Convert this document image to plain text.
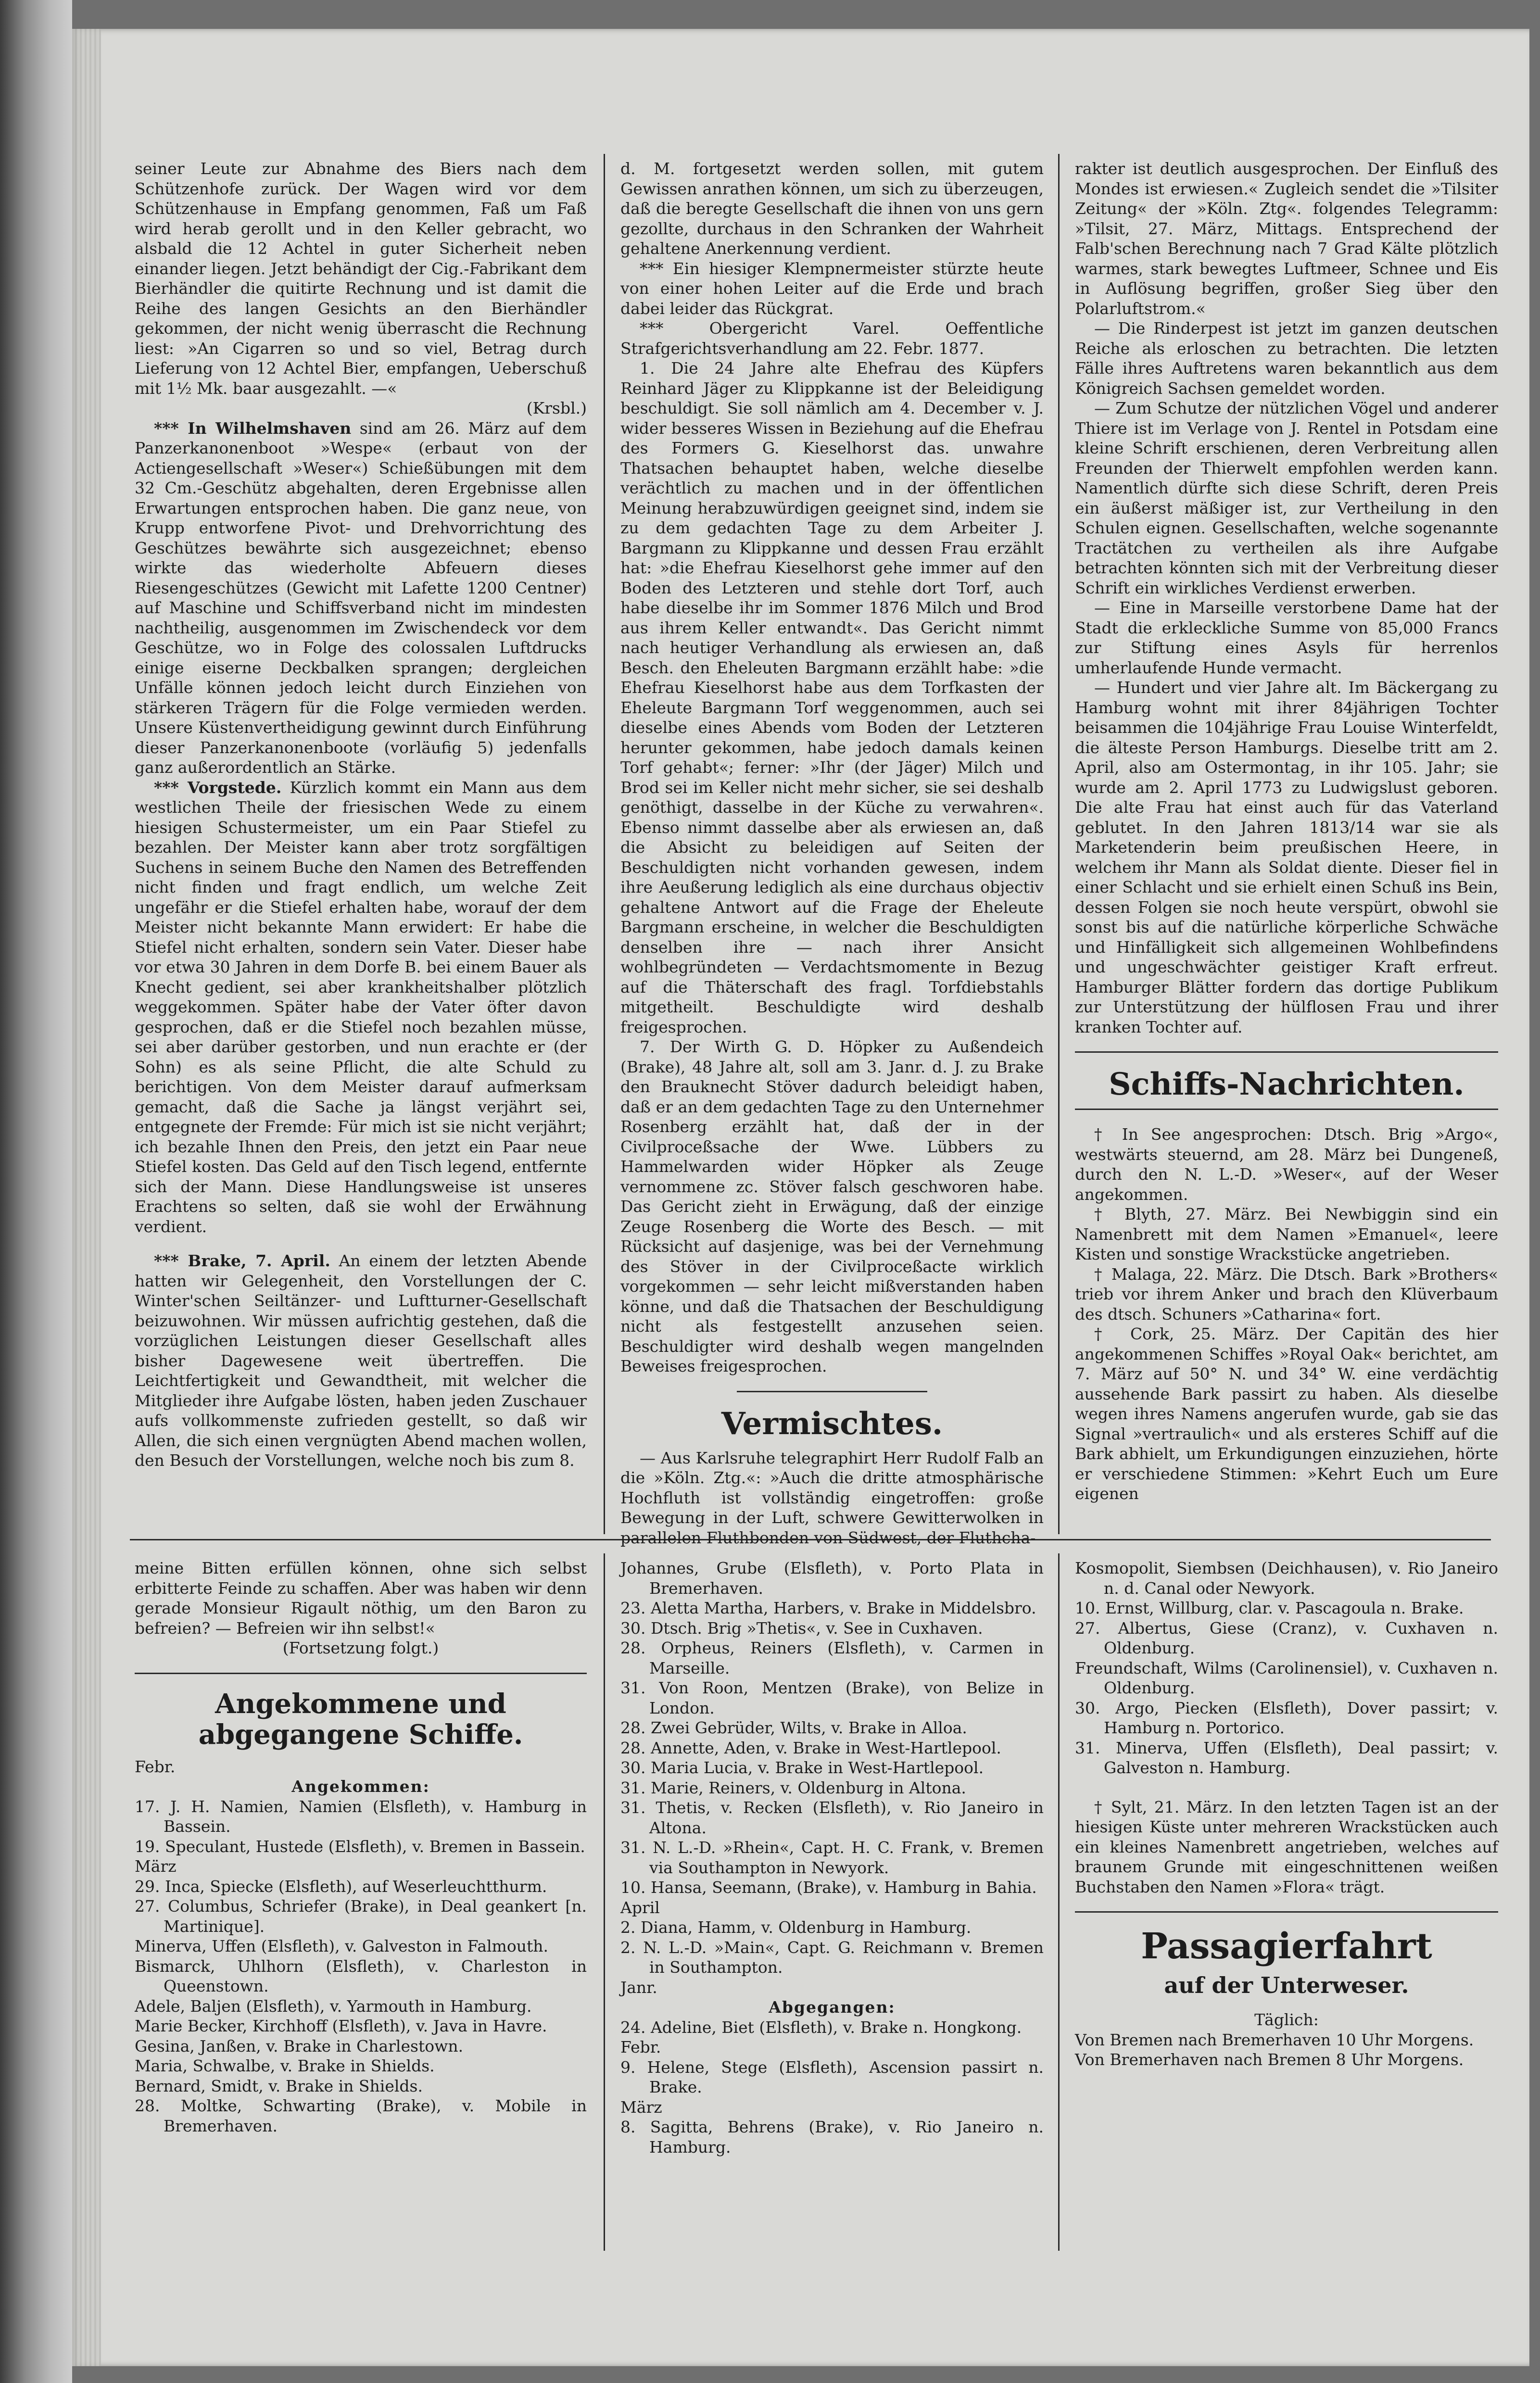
seiner Leute zur Abnahme des Biers nach dem Schützenhofe zurück. Der Wagen wird vor dem Schützenhause in Empfang genommen, Faß um Faß wird herab gerollt und in den Keller gebracht, wo alsbald die 12 Achtel in guter Sicherheit neben einander liegen. Jetzt behändigt der Cig.-Fabrikant dem Bierhändler die quitirte Rechnung und ist damit die Reihe des langen Gesichts an den Bierhändler gekommen, der nicht wenig überrascht die Rechnung liest: »An Cigarren so und so viel, Betrag durch Lieferung von 12 Achtel Bier, empfangen, Ueberschuß mit 1½ Mk. baar ausgezahlt. —«

(Krsbl.)

*** In Wilhelmshaven sind am 26. März auf dem Panzerkanonenboot »Wespe« (erbaut von der Actiengesellschaft »Weser«) Schießübungen mit dem 32 Cm.-Geschütz abgehalten, deren Ergebnisse allen Erwartungen entsprochen haben. Die ganz neue, von Krupp entworfene Pivot- und Drehvorrichtung des Geschützes bewährte sich ausgezeichnet; ebenso wirkte das wiederholte Abfeuern dieses Riesengeschützes (Gewicht mit Lafette 1200 Centner) auf Maschine und Schiffsverband nicht im mindesten nachtheilig, ausgenommen im Zwischendeck vor dem Geschütze, wo in Folge des colossalen Luftdrucks einige eiserne Deckbalken sprangen; dergleichen Unfälle können jedoch leicht durch Einziehen von stärkeren Trägern für die Folge vermieden werden. Unsere Küstenvertheidigung gewinnt durch Einführung dieser Panzerkanonenboote (vorläufig 5) jedenfalls ganz außerordentlich an Stärke.

*** Vorgstede. Kürzlich kommt ein Mann aus dem westlichen Theile der friesischen Wede zu einem hiesigen Schustermeister, um ein Paar Stiefel zu bezahlen. Der Meister kann aber trotz sorgfältigen Suchens in seinem Buche den Namen des Betreffenden nicht finden und fragt endlich, um welche Zeit ungefähr er die Stiefel erhalten habe, worauf der dem Meister nicht bekannte Mann erwidert: Er habe die Stiefel nicht erhalten, sondern sein Vater. Dieser habe vor etwa 30 Jahren in dem Dorfe B. bei einem Bauer als Knecht gedient, sei aber krankheitshalber plötzlich weggekommen. Später habe der Vater öfter davon gesprochen, daß er die Stiefel noch bezahlen müsse, sei aber darüber gestorben, und nun erachte er (der Sohn) es als seine Pflicht, die alte Schuld zu berichtigen. Von dem Meister darauf aufmerksam gemacht, daß die Sache ja längst verjährt sei, entgegnete der Fremde: Für mich ist sie nicht verjährt; ich bezahle Ihnen den Preis, den jetzt ein Paar neue Stiefel kosten. Das Geld auf den Tisch legend, entfernte sich der Mann. Diese Handlungsweise ist unseres Erachtens so selten, daß sie wohl der Erwähnung verdient.

*** Brake, 7. April. An einem der letzten Abende hatten wir Gelegenheit, den Vorstellungen der C. Winter'schen Seiltänzer- und Luftturner-Gesellschaft beizuwohnen. Wir müssen aufrichtig gestehen, daß die vorzüglichen Leistungen dieser Gesellschaft alles bisher Dagewesene weit übertreffen. Die Leichtfertigkeit und Gewandtheit, mit welcher die Mitglieder ihre Aufgabe lösten, haben jeden Zuschauer aufs vollkommenste zufrieden gestellt, so daß wir Allen, die sich einen vergnügten Abend machen wollen, den Besuch der Vorstellungen, welche noch bis zum 8.

d. M. fortgesetzt werden sollen, mit gutem Gewissen anrathen können, um sich zu überzeugen, daß die beregte Gesellschaft die ihnen von uns gern gezollte, durchaus in den Schranken der Wahrheit gehaltene Anerkennung verdient.

*** Ein hiesiger Klempnermeister stürzte heute von einer hohen Leiter auf die Erde und brach dabei leider das Rückgrat.

*** Obergericht Varel. Oeffentliche Strafgerichtsverhandlung am 22. Febr. 1877.

1. Die 24 Jahre alte Ehefrau des Küpfers Reinhard Jäger zu Klippkanne ist der Beleidigung beschuldigt. Sie soll nämlich am 4. December v. J. wider besseres Wissen in Beziehung auf die Ehefrau des Formers G. Kieselhorst das. unwahre Thatsachen behauptet haben, welche dieselbe verächtlich zu machen und in der öffentlichen Meinung herabzuwürdigen geeignet sind, indem sie zu dem gedachten Tage zu dem Arbeiter J. Bargmann zu Klippkanne und dessen Frau erzählt hat: »die Ehefrau Kieselhorst gehe immer auf den Boden des Letzteren und stehle dort Torf, auch habe dieselbe ihr im Sommer 1876 Milch und Brod aus ihrem Keller entwandt«. Das Gericht nimmt nach heutiger Verhandlung als erwiesen an, daß Besch. den Eheleuten Bargmann erzählt habe: »die Ehefrau Kieselhorst habe aus dem Torfkasten der Eheleute Bargmann Torf weggenommen, auch sei dieselbe eines Abends vom Boden der Letzteren herunter gekommen, habe jedoch damals keinen Torf gehabt«; ferner: »Ihr (der Jäger) Milch und Brod sei im Keller nicht mehr sicher, sie sei deshalb genöthigt, dasselbe in der Küche zu verwahren«. Ebenso nimmt dasselbe aber als erwiesen an, daß die Absicht zu beleidigen auf Seiten der Beschuldigten nicht vorhanden gewesen, indem ihre Aeußerung lediglich als eine durchaus objectiv gehaltene Antwort auf die Frage der Eheleute Bargmann erscheine, in welcher die Beschuldigten denselben ihre — nach ihrer Ansicht wohlbegründeten — Verdachtsmomente in Bezug auf die Thäterschaft des fragl. Torfdiebstahls mitgetheilt. Beschuldigte wird deshalb freigesprochen.

7. Der Wirth G. D. Höpker zu Außendeich (Brake), 48 Jahre alt, soll am 3. Janr. d. J. zu Brake den Brauknecht Stöver dadurch beleidigt haben, daß er an dem gedachten Tage zu den Unternehmer Rosenberg erzählt hat, daß der in der Civilproceßsache der Wwe. Lübbers zu Hammelwarden wider Höpker als Zeuge vernommene zc. Stöver falsch geschworen habe. Das Gericht zieht in Erwägung, daß der einzige Zeuge Rosenberg die Worte des Besch. — mit Rücksicht auf dasjenige, was bei der Vernehmung des Stöver in der Civilproceßacte wirklich vorgekommen — sehr leicht mißverstanden haben könne, und daß die Thatsachen der Beschuldigung nicht als festgestellt anzusehen seien. Beschuldigter wird deshalb wegen mangelnden Beweises freigesprochen.

Vermischtes.

— Aus Karlsruhe telegraphirt Herr Rudolf Falb an die »Köln. Ztg.«: »Auch die dritte atmosphärische Hochfluth ist vollständig eingetroffen: große Bewegung in der Luft, schwere Gewitterwolken in parallelen Fluthbonden von Südwest, der Fluthcha-

rakter ist deutlich ausgesprochen. Der Einfluß des Mondes ist erwiesen.« Zugleich sendet die »Tilsiter Zeitung« der »Köln. Ztg«. folgendes Telegramm: »Tilsit, 27. März, Mittags. Entsprechend der Falb'schen Berechnung nach 7 Grad Kälte plötzlich warmes, stark bewegtes Luftmeer, Schnee und Eis in Auflösung begriffen, großer Sieg über den Polarluftstrom.«

— Die Rinderpest ist jetzt im ganzen deutschen Reiche als erloschen zu betrachten. Die letzten Fälle ihres Auftretens waren bekanntlich aus dem Königreich Sachsen gemeldet worden.

— Zum Schutze der nützlichen Vögel und anderer Thiere ist im Verlage von J. Rentel in Potsdam eine kleine Schrift erschienen, deren Verbreitung allen Freunden der Thierwelt empfohlen werden kann. Namentlich dürfte sich diese Schrift, deren Preis ein äußerst mäßiger ist, zur Vertheilung in den Schulen eignen. Gesellschaften, welche sogenannte Tractätchen zu vertheilen als ihre Aufgabe betrachten könnten sich mit der Verbreitung dieser Schrift ein wirkliches Verdienst erwerben.

— Eine in Marseille verstorbene Dame hat der Stadt die erkleckliche Summe von 85,000 Francs zur Stiftung eines Asyls für herrenlos umherlaufende Hunde vermacht.

— Hundert und vier Jahre alt. Im Bäckergang zu Hamburg wohnt mit ihrer 84jährigen Tochter beisammen die 104jährige Frau Louise Winterfeldt, die älteste Person Hamburgs. Dieselbe tritt am 2. April, also am Ostermontag, in ihr 105. Jahr; sie wurde am 2. April 1773 zu Ludwigslust geboren. Die alte Frau hat einst auch für das Vaterland geblutet. In den Jahren 1813/14 war sie als Marketenderin beim preußischen Heere, in welchem ihr Mann als Soldat diente. Dieser fiel in einer Schlacht und sie erhielt einen Schuß ins Bein, dessen Folgen sie noch heute verspürt, obwohl sie sonst bis auf die natürliche körperliche Schwäche und Hinfälligkeit sich allgemeinen Wohlbefindens und ungeschwächter geistiger Kraft erfreut. Hamburger Blätter fordern das dortige Publikum zur Unterstützung der hülflosen Frau und ihrer kranken Tochter auf.

Schiffs-Nachrichten.

† In See angesprochen: Dtsch. Brig »Argo«, westwärts steuernd, am 28. März bei Dungeneß, durch den N. L.-D. »Weser«, auf der Weser angekommen.

† Blyth, 27. März. Bei Newbiggin sind ein Namenbrett mit dem Namen »Emanuel«, leere Kisten und sonstige Wrackstücke angetrieben.

† Malaga, 22. März. Die Dtsch. Bark »Brothers« trieb vor ihrem Anker und brach den Klüverbaum des dtsch. Schuners »Catharina« fort.

† Cork, 25. März. Der Capitän des hier angekommenen Schiffes »Royal Oak« berichtet, am 7. März auf 50° N. und 34° W. eine verdächtig aussehende Bark passirt zu haben. Als dieselbe wegen ihres Namens angerufen wurde, gab sie das Signal »vertraulich« und als ersteres Schiff auf die Bark abhielt, um Erkundigungen einzuziehen, hörte er verschiedene Stimmen: »Kehrt Euch um Eure eigenen

meine Bitten erfüllen können, ohne sich selbst erbitterte Feinde zu schaffen. Aber was haben wir denn gerade Monsieur Rigault nöthig, um den Baron zu befreien? — Befreien wir ihn selbst!«

(Fortsetzung folgt.)

Angekommene und abgegangene Schiffe.
Febr.
Angekommen:
17. J. H. Namien, Namien (Elsfleth), v. Hamburg in Bassein.
19. Speculant, Hustede (Elsfleth), v. Bremen in Bassein.
März
29. Inca, Spiecke (Elsfleth), auf Weserleuchtthurm.
27. Columbus, Schriefer (Brake), in Deal geankert [n. Martinique].
Minerva, Uffen (Elsfleth), v. Galveston in Falmouth.
Bismarck, Uhlhorn (Elsfleth), v. Charleston in Queenstown.
Adele, Baljen (Elsfleth), v. Yarmouth in Hamburg.
Marie Becker, Kirchhoff (Elsfleth), v. Java in Havre.
Gesina, Janßen, v. Brake in Charlestown.
Maria, Schwalbe, v. Brake in Shields.
Bernard, Smidt, v. Brake in Shields.
28. Moltke, Schwarting (Brake), v. Mobile in Bremerhaven.
Johannes, Grube (Elsfleth), v. Porto Plata in Bremerhaven.
23. Aletta Martha, Harbers, v. Brake in Middelsbro.
30. Dtsch. Brig »Thetis«, v. See in Cuxhaven.
28. Orpheus, Reiners (Elsfleth), v. Carmen in Marseille.
31. Von Roon, Mentzen (Brake), von Belize in London.
28. Zwei Gebrüder, Wilts, v. Brake in Alloa.
28. Annette, Aden, v. Brake in West-Hartlepool.
30. Maria Lucia, v. Brake in West-Hartlepool.
31. Marie, Reiners, v. Oldenburg in Altona.
31. Thetis, v. Recken (Elsfleth), v. Rio Janeiro in Altona.
31. N. L.-D. »Rhein«, Capt. H. C. Frank, v. Bremen via Southampton in Newyork.
10. Hansa, Seemann, (Brake), v. Hamburg in Bahia.
April
2. Diana, Hamm, v. Oldenburg in Hamburg.
2. N. L.-D. »Main«, Capt. G. Reichmann v. Bremen in Southampton.
Janr.
Abgegangen:
24. Adeline, Biet (Elsfleth), v. Brake n. Hongkong.
Febr.
9. Helene, Stege (Elsfleth), Ascension passirt n. Brake.
März
8. Sagitta, Behrens (Brake), v. Rio Janeiro n. Hamburg.
Kosmopolit, Siembsen (Deichhausen), v. Rio Janeiro n. d. Canal oder Newyork.
10. Ernst, Willburg, clar. v. Pascagoula n. Brake.
27. Albertus, Giese (Cranz), v. Cuxhaven n. Oldenburg.
Freundschaft, Wilms (Carolinensiel), v. Cuxhaven n. Oldenburg.
30. Argo, Piecken (Elsfleth), Dover passirt; v. Hamburg n. Portorico.
31. Minerva, Uffen (Elsfleth), Deal passirt; v. Galveston n. Hamburg.

† Sylt, 21. März. In den letzten Tagen ist an der hiesigen Küste unter mehreren Wrackstücken auch ein kleines Namenbrett angetrieben, welches auf braunem Grunde mit eingeschnittenen weißen Buchstaben den Namen »Flora« trägt.

Passagierfahrt
auf der Unterweser.

Täglich:

Von Bremen nach Bremerhaven 10 Uhr Morgens.

Von Bremerhaven nach Bremen 8 Uhr Morgens.
